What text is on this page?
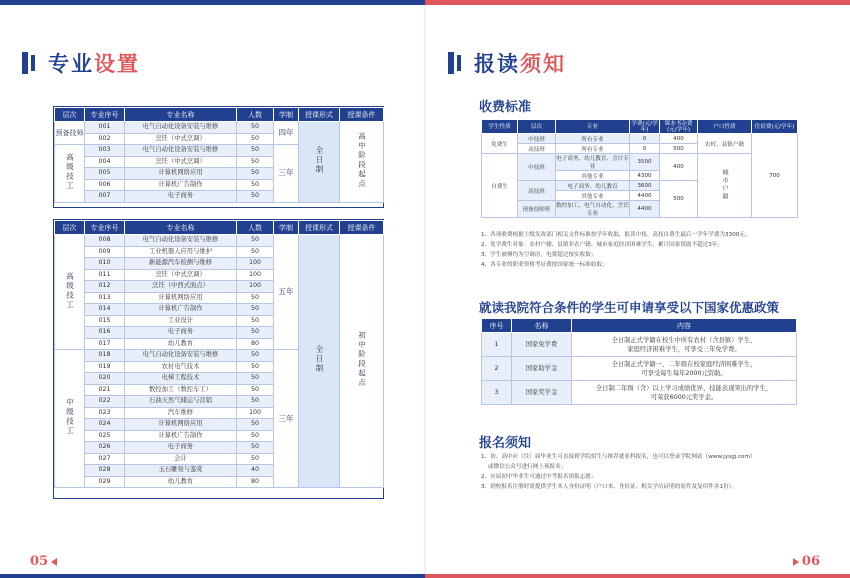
专业 设置
层次	专业序号	专业名称	人数	学制	授课形式	授课条件
预备技师	001	电气自动化设备安装与维修	50	四年	全日制	高中阶段起点
	002	烹饪（中式烹调）	50			
高级技工	003	电气自动化设备安装与维修	50	三年		
	004	烹饪（中式烹调）	50			
	005	计算机网络应用	50			
	006	计算机广告制作	50			
	007	电子商务	50			
层次	专业序号	专业名称	人数	学制	授课形式	授课条件
高级技工	008	电气自动化设备安装与维修	50	五年	全日制	初中阶段起点
	009	工业机器人应用与维护	50			
	010	新能源汽车检测与维修	100			
	011	烹饪（中式烹调）	100			
	012	烹饪（中西式面点）	100			
	013	计算机网络应用	50			
	014	计算机广告制作	50			
	015	工业设计	50			
	016	电子商务	50			
	017	幼儿教育	80			
中级技工	018	电气自动化设备安装与维修	50	三年		
	019	农村电气技术	50			
	020	电梯工程技术	50			
	021	数控加工（数控车工）	50			
	022	石油天然气储运与营销	50			
	023	汽车维修	100			
	024	计算机网络应用	50			
	025	计算机广告制作	50			
	026	电子商务	50			
	027	会计	50			
	028	玉石雕刻与鉴赏	40			
	029	幼儿教育	80			
05
报读 须知
收费标准
学生性质	层次	专业	学费(元/学年)	课本书杂费(元/学年)	户口性质	住宿费(元/学年)
免费生	中技班	所有专业	0	400	农村、县镇户籍	700
	高技班	所有专业	0	500		
自费生	中技班	电子商务、幼儿教育、会计专业	3500	400	城市户籍	
		其他专业	4300			
	高技班	电子商务、幼儿教育	3600	500		
		其他专业	4400			
	预备技师班	数控加工、电气自动化、烹饪专业	4400			
1、各项收费根据上级发改部门相关文件标准按学年收取，报读中技、高技自费生最后一学年学费为3300元。
2、免学费生对象：农村户籍、县镇非农户籍、城市家庭经济困难学生，累计国家资助不超过3年；
3、学生被褥均为空调房，电费超过按实收取；
4、各专业的职业资格考证费按国家统一标准收取；
就读我院符合条件的学生可申请享受以下国家优惠政策
序号	名称	内容
1	国家免学费	全日制正式学籍在校生中所有农村（含县镇）学生、
家庭经济困难学生，可享受三年免学费。

2	国家助学金	全日制正式学籍一、二年级在校家庭经济困难学生，
可享受每生每年2000元资助。

3	国家奖学金	全日制二年级（含）以上学习成绩优异、技能表现突出的学生，
可荣获6000元奖学金。
报名须知
1、初、高中应（往）届毕业生可直接到学院招生与推荐就业科报名，也可以登录学院网站（www.jysgj.com）
或微信公众号进行网上预报名；
2、应届初中毕业生可通过中考报名填报志愿；
3、到校报名注册时需提供学生本人身份证明（户口本、身份证、相关学历证明的原件及复印件各1份）。
06
